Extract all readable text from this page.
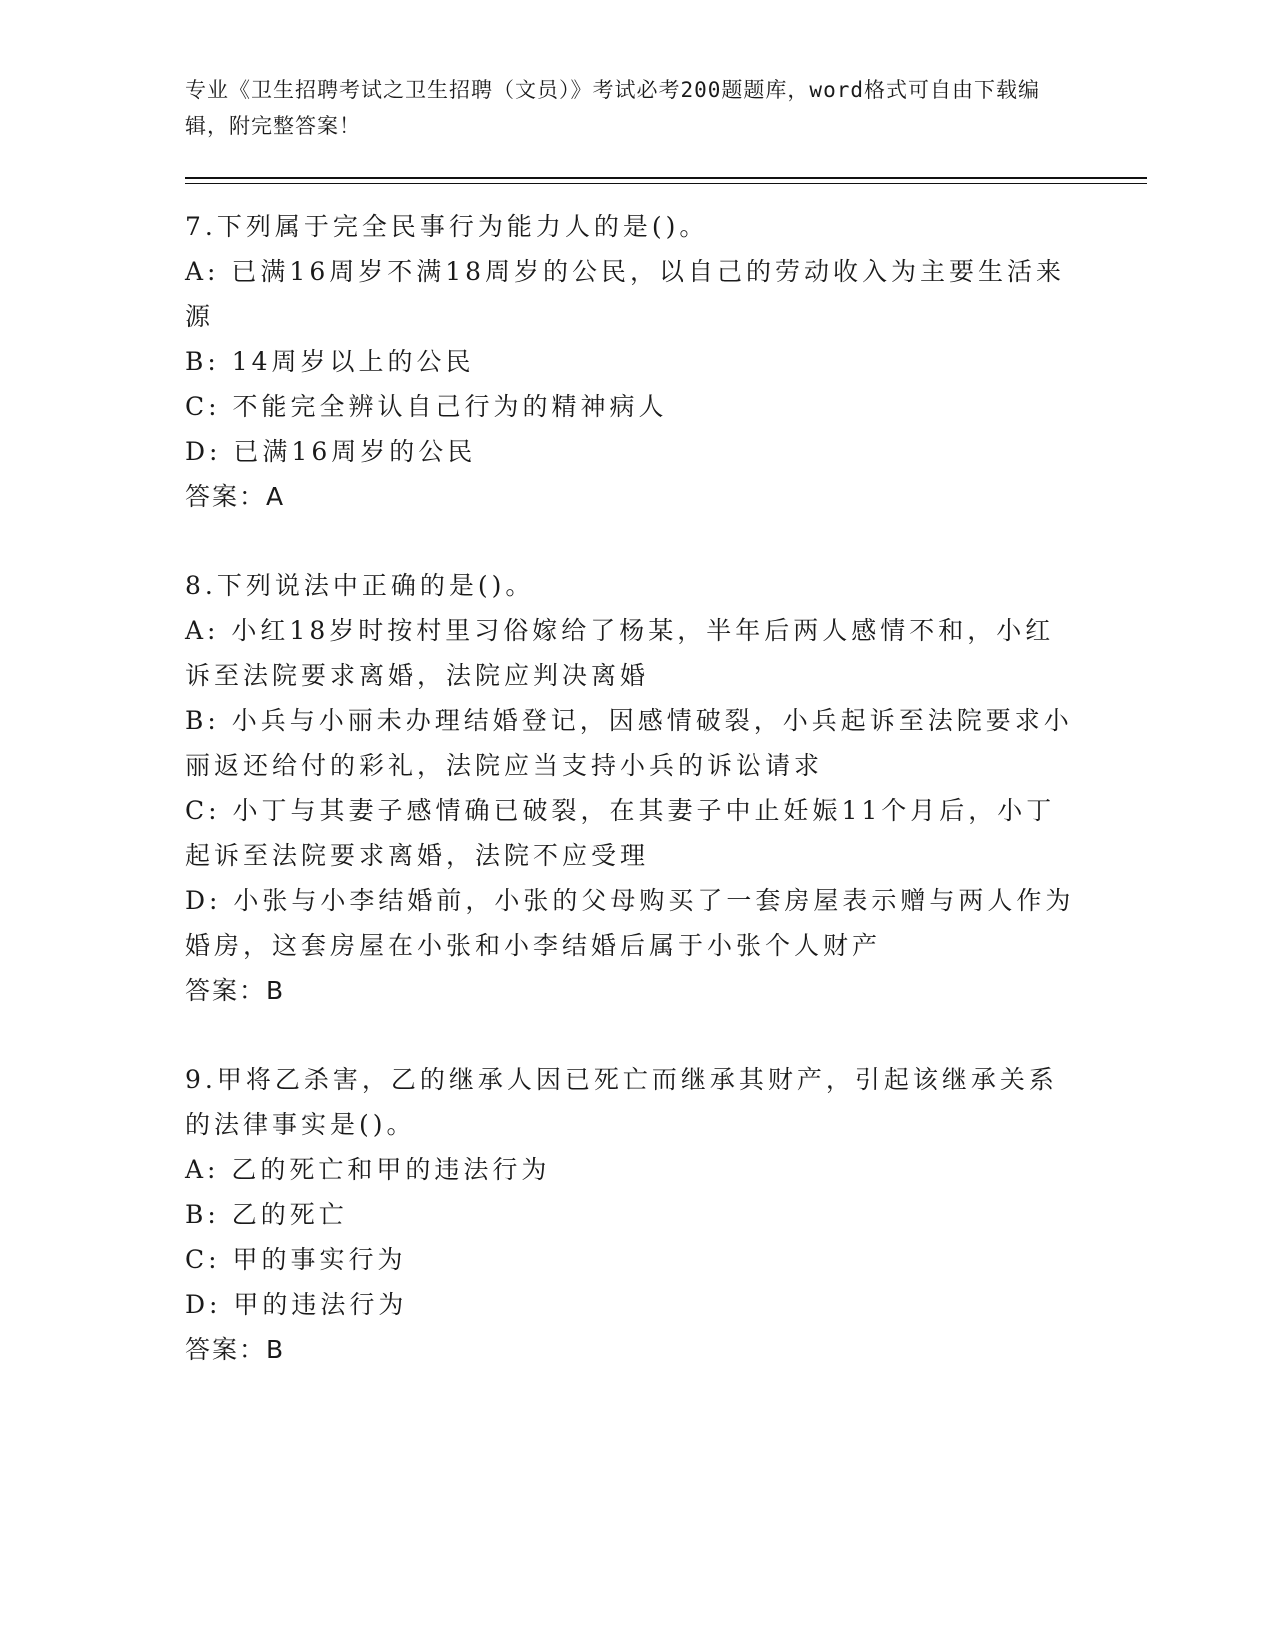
专业《卫生招聘考试之卫生招聘（文员）》考试必考200题题库，word格式可自由下载编辑，附完整答案！
7.下列属于完全民事行为能力人的是()。
A: 已满16周岁不满18周岁的公民，以自己的劳动收入为主要生活来源
B: 14周岁以上的公民
C: 不能完全辨认自己行为的精神病人
D: 已满16周岁的公民
答案：A
8.下列说法中正确的是()。
A: 小红18岁时按村里习俗嫁给了杨某，半年后两人感情不和，小红诉至法院要求离婚，法院应判决离婚
B: 小兵与小丽未办理结婚登记，因感情破裂，小兵起诉至法院要求小丽返还给付的彩礼，法院应当支持小兵的诉讼请求
C: 小丁与其妻子感情确已破裂，在其妻子中止妊娠11个月后，小丁起诉至法院要求离婚，法院不应受理
D: 小张与小李结婚前，小张的父母购买了一套房屋表示赠与两人作为婚房，这套房屋在小张和小李结婚后属于小张个人财产
答案：B
9.甲将乙杀害，乙的继承人因已死亡而继承其财产，引起该继承关系的法律事实是()。
A: 乙的死亡和甲的违法行为
B: 乙的死亡
C: 甲的事实行为
D: 甲的违法行为
答案：B
